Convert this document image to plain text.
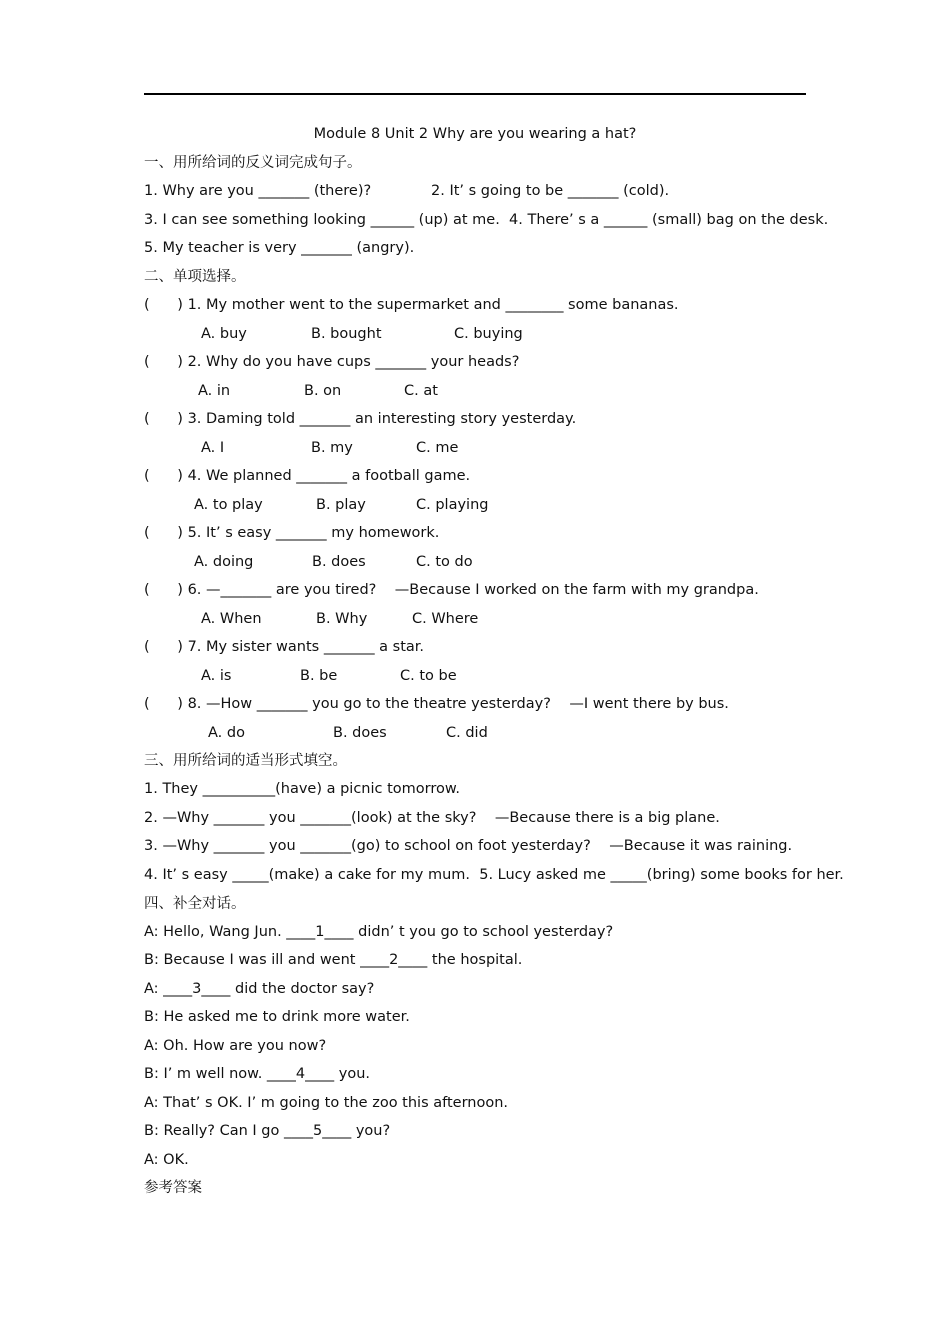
Module 8 Unit 2 Why are you wearing a hat?
一、用所给词的反义词完成句子。
1. Why are you _______ (there)?	2. It’ s going to be _______ (cold).
3. I can see something looking ______ (up) at me.  4. There’ s a ______ (small) bag on the desk.
5. My teacher is very _______ (angry).
二、单项选择。
(      ) 1. My mother went to the supermarket and ________ some bananas.
A. buy	B. bought	C. buying
(      ) 2. Why do you have cups _______ your heads?
A. in	B. on	C. at
(      ) 3. Daming told _______ an interesting story yesterday.
A. I	B. my	C. me
(      ) 4. We planned _______ a football game.
A. to play	B. play	C. playing
(      ) 5. It’ s easy _______ my homework.
A. doing	B. does	C. to do
(      ) 6. —_______ are you tired?    —Because I worked on the farm with my grandpa.
A. When	B. Why	C. Where
(      ) 7. My sister wants _______ a star.
A. is	B. be	C. to be
(      ) 8. —How _______ you go to the theatre yesterday?    —I went there by bus.
A. do	B. does	C. did
三、用所给词的适当形式填空。
1. They __________(have) a picnic tomorrow.
2. —Why _______ you _______(look) at the sky?    —Because there is a big plane.
3. —Why _______ you _______(go) to school on foot yesterday?    —Because it was raining.
4. It’ s easy _____(make) a cake for my mum.  5. Lucy asked me _____(bring) some books for her.
四、补全对话。
A: Hello, Wang Jun. ____1____ didn’ t you go to school yesterday?
B: Because I was ill and went ____2____ the hospital.
A: ____3____ did the doctor say?
B: He asked me to drink more water.
A: Oh. How are you now?
B: I’ m well now. ____4____ you.
A: That’ s OK. I’ m going to the zoo this afternoon.
B: Really? Can I go ____5____ you?
A: OK.
参考答案
